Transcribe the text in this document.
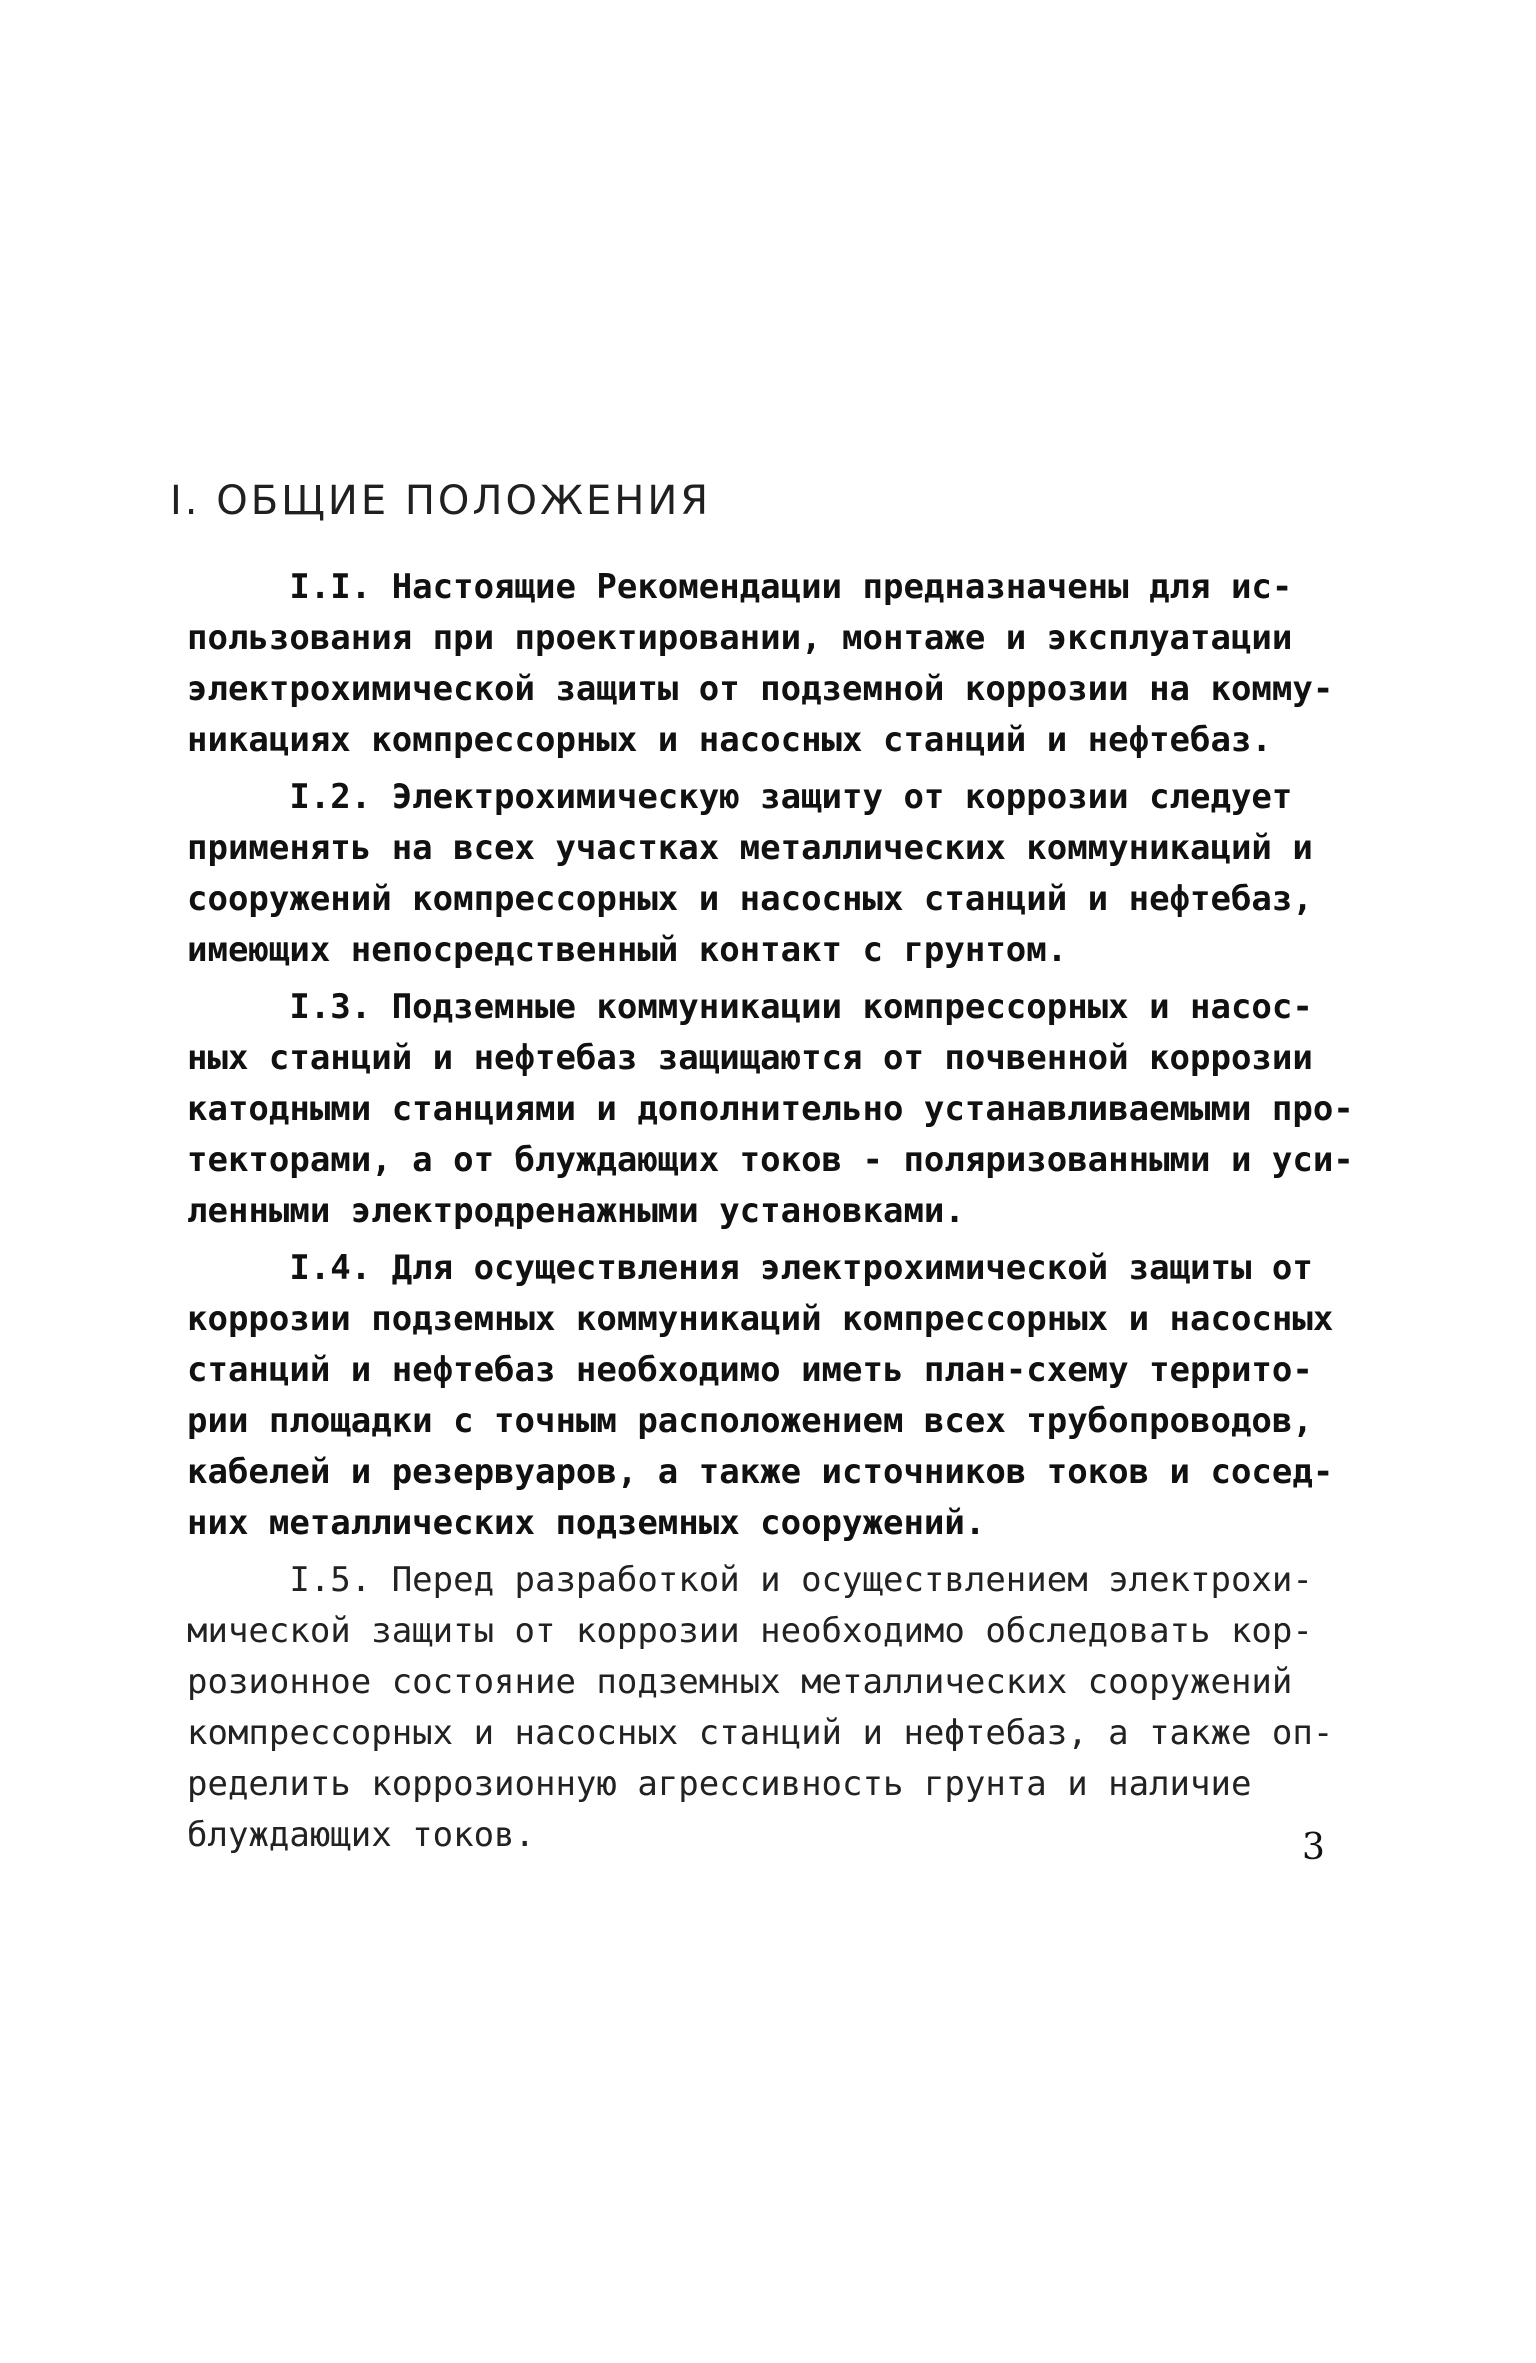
I. ОБЩИЕ ПОЛОЖЕНИЯ

I.I. Настоящие Рекомендации предназначены для ис-
пользования при проектировании, монтаже и эксплуатации
электрохимической защиты от подземной коррозии на комму-
никациях компрессорных и насосных станций и нефтебаз.

I.2. Электрохимическую защиту от коррозии следует
применять на всех участках металлических коммуникаций и
сооружений компрессорных и насосных станций и нефтебаз,
имеющих непосредственный контакт с грунтом.

I.3. Подземные коммуникации компрессорных и насос-
ных станций и нефтебаз защищаются от почвенной коррозии
катодными станциями и дополнительно устанавливаемыми про-
текторами, а от блуждающих токов - поляризованными и уси-
ленными электродренажными установками.

I.4. Для осуществления электрохимической защиты от
коррозии подземных коммуникаций компрессорных и насосных
станций и нефтебаз необходимо иметь план-схему террито-
рии площадки с точным расположением всех трубопроводов,
кабелей и резервуаров, а также источников токов и сосед-
них металлических подземных сооружений.

I.5. Перед разработкой и осуществлением электрохи-
мической защиты от коррозии необходимо обследовать кор-
розионное состояние подземных металлических сооружений
компрессорных и насосных станций и нефтебаз, а также оп-
ределить коррозионную агрессивность грунта и наличие
блуждающих токов.	3
